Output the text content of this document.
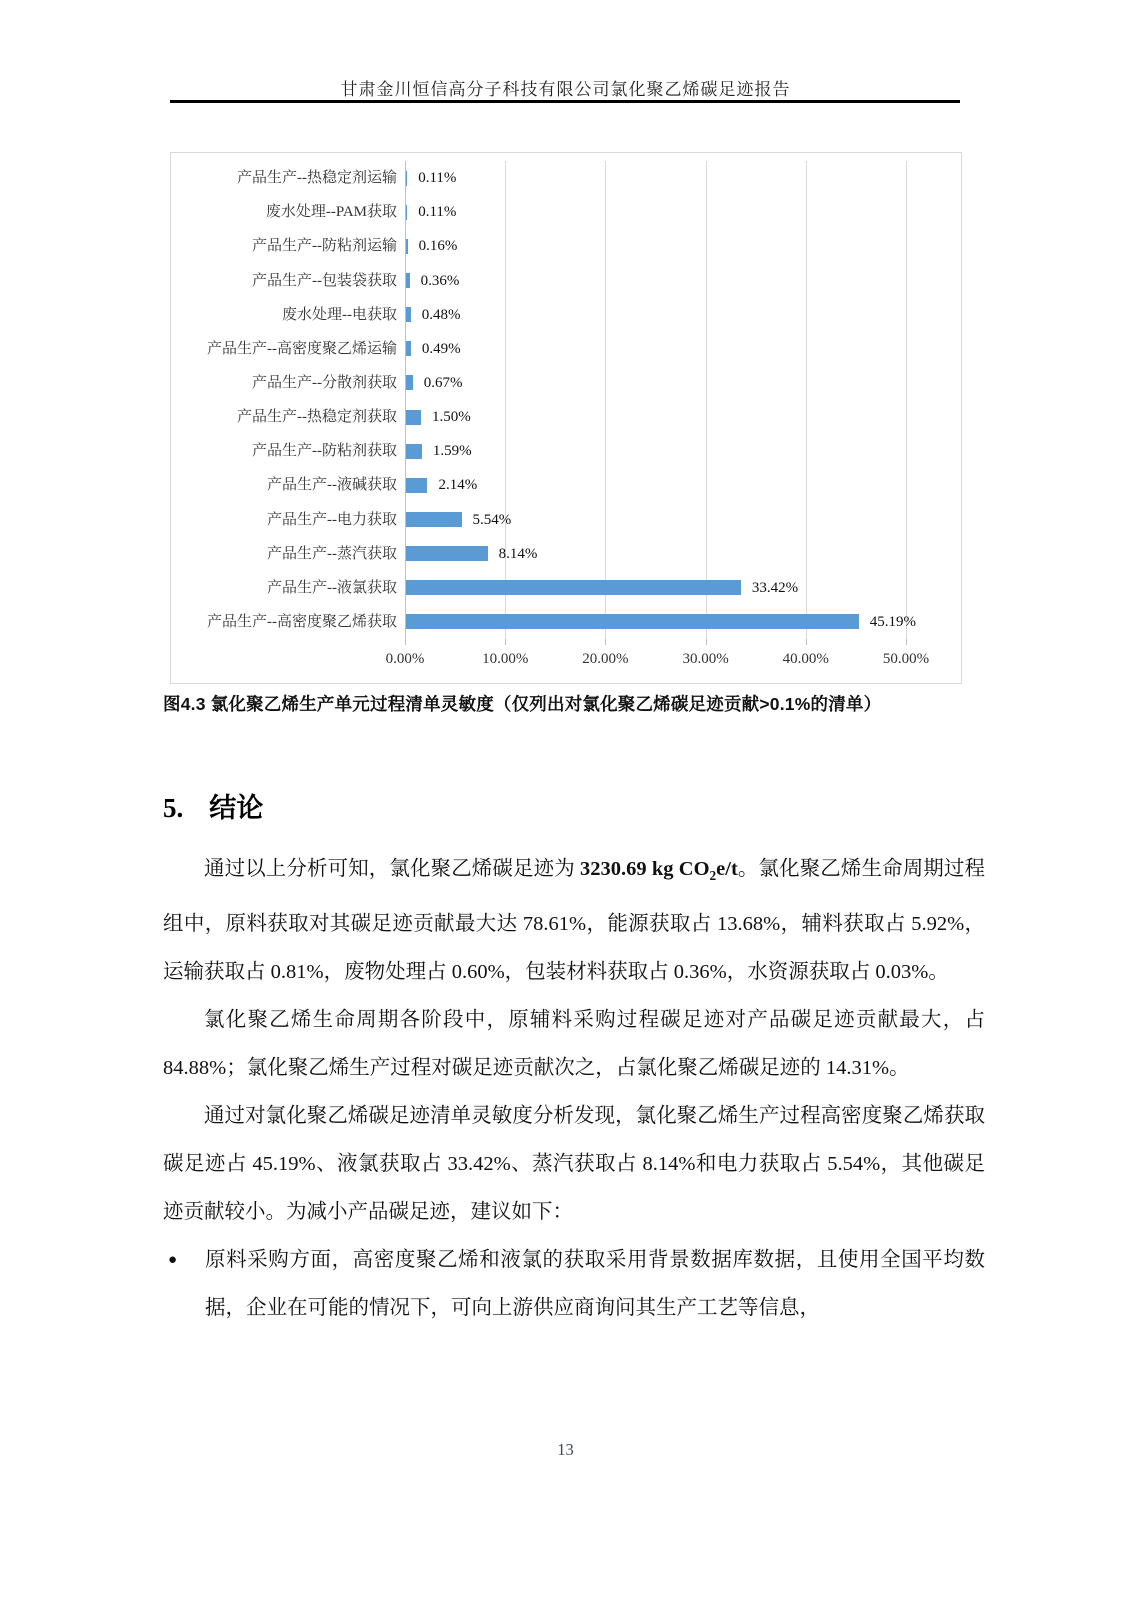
甘肃金川恒信高分子科技有限公司氯化聚乙烯碳足迹报告
0.00%	10.00%	20.00%	30.00%	40.00%	50.00%
产品生产--热稳定剂运输 0.11%
废水处理--PAM获取 0.11%
产品生产--防粘剂运输 0.16%
产品生产--包装袋获取 0.36%
废水处理--电获取 0.48%
产品生产--高密度聚乙烯运输 0.49%
产品生产--分散剂获取 0.67%
产品生产--热稳定剂获取 1.50%
产品生产--防粘剂获取 1.59%
产品生产--液碱获取	2.14%
产品生产--电力获取	5.54%
产品生产--蒸汽获取	8.14%
产品生产--液氯获取	33.42%
产品生产--高密度聚乙烯获取	45.19%
图4.3 氯化聚乙烯生产单元过程清单灵敏度（仅列出对氯化聚乙烯碳足迹贡献>0.1%的清单）
5. 结论

通过以上分析可知，氯化聚乙烯碳足迹为 3230.69 kg $CO_2e/t$。氯化聚乙烯生命周期过程组中，原料获取对其碳足迹贡献最大达 78.61%，能源获取占 13.68%，辅料获取占 5.92%，运输获取占 0.81%，废物处理占 0.60%，包装材料获取占 0.36%，水资源获取占 0.03%。

氯化聚乙烯生命周期各阶段中，原辅料采购过程碳足迹对产品碳足迹贡献最大，占 84.88%；氯化聚乙烯生产过程对碳足迹贡献次之，占氯化聚乙烯碳足迹的 14.31%。

通过对氯化聚乙烯碳足迹清单灵敏度分析发现，氯化聚乙烯生产过程高密度聚乙烯获取碳足迹占 45.19%、液氯获取占 33.42%、蒸汽获取占 8.14%和电力获取占 5.54%，其他碳足迹贡献较小。为减小产品碳足迹，建议如下：

● 原料采购方面，高密度聚乙烯和液氯的获取采用背景数据库数据，且使用全国平均数据，企业在可能的情况下，可向上游供应商询问其生产工艺等信息，
13
